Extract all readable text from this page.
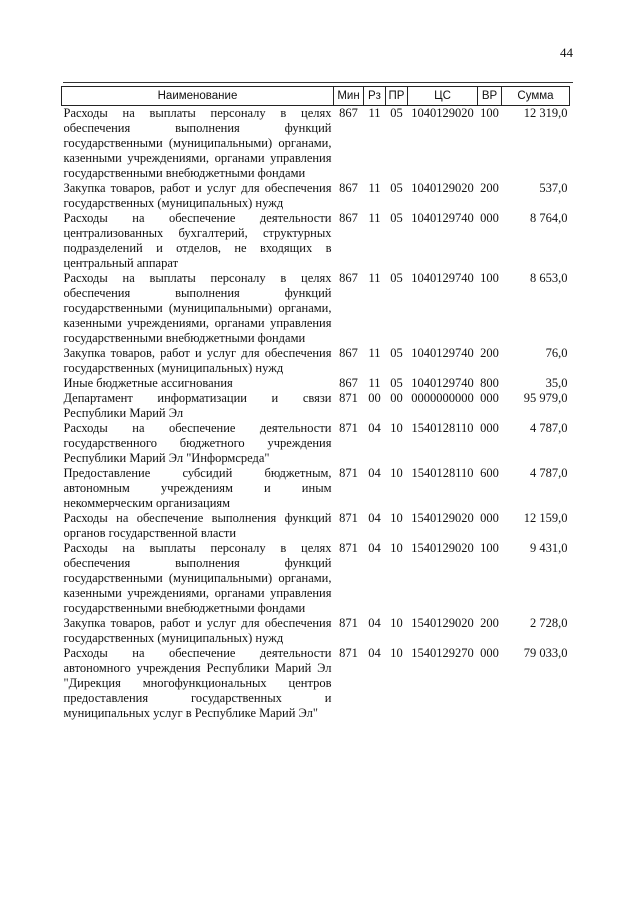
44
Наименование	Мин	Рз	ПР	ЦС	ВР	Сумма
Расходы на выплаты персоналу в целях обеспечения выполнения функций государственными (муниципальными) органами, казенными учреждениями, органами управления государственными внебюджетными фондами	867	11	05	1040129020	100	12 319,0
Закупка товаров, работ и услуг для обеспечения государственных (муниципальных) нужд	867	11	05	1040129020	200	537,0
Расходы на обеспечение деятельности централизованных бухгалтерий, структурных подразделений и отделов, не входящих в центральный аппарат	867	11	05	1040129740	000	8 764,0
Расходы на выплаты персоналу в целях обеспечения выполнения функций государственными (муниципальными) органами, казенными учреждениями, органами управления государственными внебюджетными фондами	867	11	05	1040129740	100	8 653,0
Закупка товаров, работ и услуг для обеспечения государственных (муниципальных) нужд	867	11	05	1040129740	200	76,0
Иные бюджетные ассигнования	867	11	05	1040129740	800	35,0
Департамент информатизации и связи Республики Марий Эл	871	00	00	0000000000	000	95 979,0
Расходы на обеспечение деятельности государственного бюджетного учреждения Республики Марий Эл "Информсреда"	871	04	10	1540128110	000	4 787,0
Предоставление субсидий бюджетным, автономным учреждениям и иным некоммерческим организациям	871	04	10	1540128110	600	4 787,0
Расходы на обеспечение выполнения функций органов государственной власти	871	04	10	1540129020	000	12 159,0
Расходы на выплаты персоналу в целях обеспечения выполнения функций государственными (муниципальными) органами, казенными учреждениями, органами управления государственными внебюджетными фондами	871	04	10	1540129020	100	9 431,0
Закупка товаров, работ и услуг для обеспечения государственных (муниципальных) нужд	871	04	10	1540129020	200	2 728,0
Расходы на обеспечение деятельности автономного учреждения Республики Марий Эл "Дирекция многофункциональных центров предоставления государственных и муниципальных услуг в Республике Марий Эл"	871	04	10	1540129270	000	79 033,0
